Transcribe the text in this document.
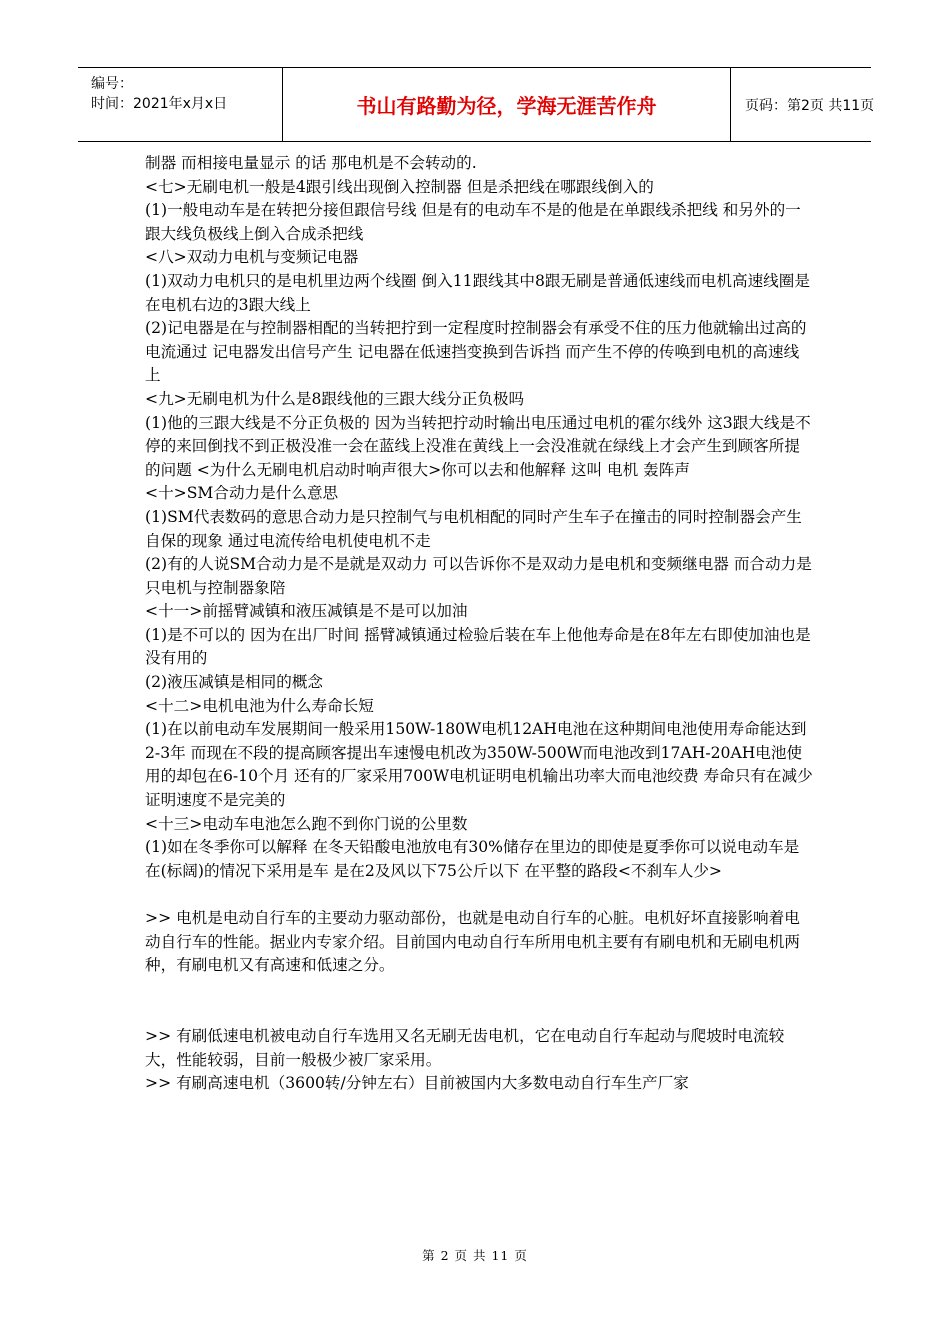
编号：
时间：2021年x月x日	书山有路勤为径，学海无涯苦作舟	页码：第2页 共11页

制器 而相接电量显示 的话 那电机是不会转动的.

<七>无刷电机一般是4跟引线出现倒入控制器 但是杀把线在哪跟线倒入的

(1)一般电动车是在转把分接但跟信号线 但是有的电动车不是的他是在单跟线杀把线 和另外的一跟大线负极线上倒入合成杀把线

<八>双动力电机与变频记电器

(1)双动力电机只的是电机里边两个线圈 倒入11跟线其中8跟无刷是普通低速线而电机高速线圈是在电机右边的3跟大线上

(2)记电器是在与控制器相配的当转把拧到一定程度时控制器会有承受不住的压力他就输出过高的电流通过 记电器发出信号产生 记电器在低速挡变换到告诉挡 而产生不停的传唤到电机的高速线上

<九>无刷电机为什么是8跟线他的三跟大线分正负极吗

(1)他的三跟大线是不分正负极的 因为当转把拧动时输出电压通过电机的霍尔线外 这3跟大线是不停的来回倒找不到正极没准一会在蓝线上没准在黄线上一会没准就在绿线上才会产生到顾客所提的问题 <为什么无刷电机启动时响声很大>你可以去和他解释 这叫 电机 轰阵声

<十>SM合动力是什么意思

(1)SM代表数码的意思合动力是只控制气与电机相配的同时产生车子在撞击的同时控制器会产生自保的现象 通过电流传给电机使电机不走

(2)有的人说SM合动力是不是就是双动力 可以告诉你不是双动力是电机和变频继电器 而合动力是只电机与控制器象陪

<十一>前摇臂减镇和液压减镇是不是可以加油

(1)是不可以的 因为在出厂时间 摇臂减镇通过检验后装在车上他他寿命是在8年左右即使加油也是没有用的

(2)液压减镇是相同的概念

<十二>电机电池为什么寿命长短

(1)在以前电动车发展期间一般采用150W-180W电机12AH电池在这种期间电池使用寿命能达到2-3年 而现在不段的提高顾客提出车速慢电机改为350W-500W而电池改到17AH-20AH电池使用的却包在6-10个月 还有的厂家采用700W电机证明电机输出功率大而电池绞费 寿命只有在减少证明速度不是完美的

<十三>电动车电池怎么跑不到你门说的公里数

(1)如在冬季你可以解释 在冬天铅酸电池放电有30%储存在里边的即使是夏季你可以说电动车是在(标阔)的情况下采用是车 是在2及风以下75公斤以下 在平整的路段<不刹车人少>

>> 电机是电动自行车的主要动力驱动部份，也就是电动自行车的心脏。电机好坏直接影响着电动自行车的性能。据业内专家介绍。目前国内电动自行车所用电机主要有有刷电机和无刷电机两种，有刷电机又有高速和低速之分。

>> 有刷低速电机被电动自行车选用又名无刷无齿电机，它在电动自行车起动与爬坡时电流较大，性能较弱，目前一般极少被厂家采用。

>> 有刷高速电机（3600转/分钟左右）目前被国内大多数电动自行车生产厂家

第 2 页 共 11 页
